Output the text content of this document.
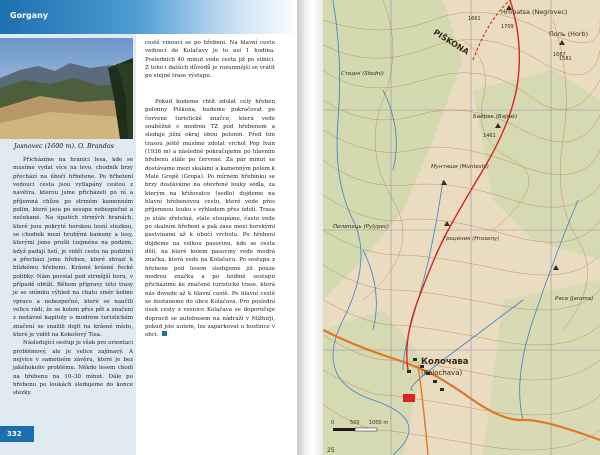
Gorgany
Jasnovec (1600 m). O. Brandos

Přicházíme na hranici lesa, kde se musíme vydat více na levo, chodník brzy přechází na úbočí hřbetene. Po hřbetení vedoucí cesta jsou vytlapány cestou z navětra, kterou jsme přicházeli po ní a příjemná chůze po strmém kamenném polím, které jsou po sesupu nebezpečné a nečekané. Na úpatích strmých hranách, které jsou pokryté horskou lesní stezkou, se chodník mezí hrubými kameny a lesy, kterými jsme prošli (zejména na podzim, když padají listí, je vidět cestu na podzim) a přecházi jsme hřeben, které zbrazí k blízkému hřebenu. Krásné krásné řecké polibky. Nám povstal pod strmější horu, v případě obtíží. Během přípravy této trasy je se snímku výhled na chatu směr kolme vpravo a nebezpečné, které se naučili velice rádi, že se kolem přes pět a značení z nedávné kapitoly o modrém turistickém značení se snažili dojít na krásné místo, které je vidět na Kokošový Tisa.

Následující sestup je však pro orientaci problémový, ale je velice zajímavý. A nejvíce v samotném závěru, které je bez jakéhokoliv problému. Někdo lesem chodí na hřebenu na 10–30 minut. Dále po hřebenu po loukách sledujeme do konce stezky.

cestě vinoucí se po hřebeni. Na hlavní cestu vedoucí do Kolačavy je to asi 1 hodina. Posledních 40 minut vede cesta již po silnici. Z toho i dalších důvodů je rozumnější se vrátit po stejné trase výstupu.

Pokud budeme chtít zdolat celý hřeben polonny Piškona, budeme pokračovat po červené turistické značce, která vede souběžně s modrou TZ pod hřebenem a sleduje jižní okraj obou polonin. Před tím trasou ještě musíme zdolat vrchol Pop Ivan (1936 m) a následně pokračujeme po hlavním hřebenu stále po červené. Za pár minut se dostáváme mezi skalami a kamenným polem k Malé Gropě (Gropa). Po mírném hřebínku se brzy dostáváme na otevřené louky sedla, za kterým na křižovatce (sedlo) dojdeme na hlavní hřebenovou cestu, které vede přes příjemnou louku s výhledem přes údolí. Trasa je stále zřetelná, stále stoupáme, často vede po skalním hřebeni a pak zase mezi horskými pastvinami až k úbočí vrcholu. Po hřebeni dojdeme na velkou pasovinu, kde se cesta dělí, na které kolem pasoviny vede modrá značka, která vede na Kolačavu. Po sestupu z hřebene pod lesem sledujeme již pouze modrou značku a po hodině sestupu přicházíme ke značené turistické trase, která nás dovede až k hlavní cestě. Po hlavní cestě se dostaneme do obce Kolačava. Pro poslední úsek cesty z vesnice Kolačava se doporučuje dopravit se autobusem na nádraží v Mižhirji, pokud jste autem, lze zaparkovat u hostince v obci.

332
PIŠKONA
Hrobatsa (Negrovec)
1709
Попь (Horb)
1667
1661
1581
1461
Байрак (Bajrak)
Мунтяши (Munteshi)
Гроценик (Hroseny)
Колочава
(Kolochava)
Пилипець (Pylypec)
Стеднi (Stedni)
Ряса (Jaroma)
0	500 1000 m
25
